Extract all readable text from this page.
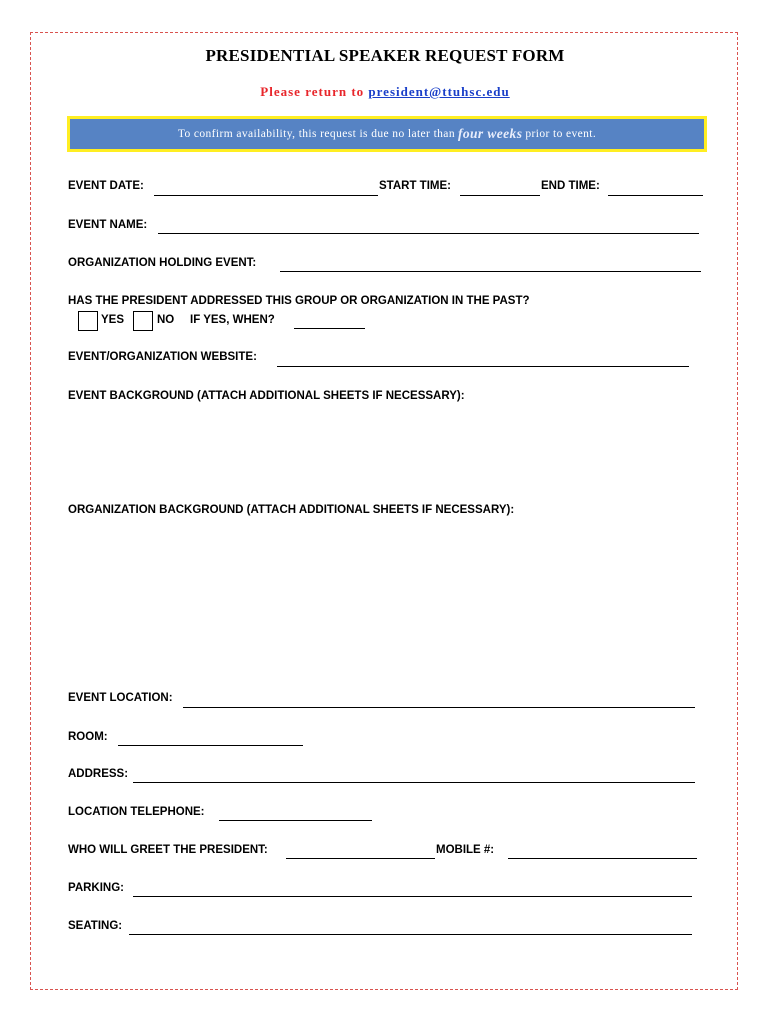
PRESIDENTIAL SPEAKER REQUEST FORM
Please return to president@ttuhsc.edu
To confirm availability, this request is due no later than four weeks prior to event.
EVENT DATE:	START TIME:	END TIME:
EVENT NAME:
ORGANIZATION HOLDING EVENT:
HAS THE PRESIDENT ADDRESSED THIS GROUP OR ORGANIZATION IN THE PAST?
YES	NO IF YES, WHEN?
EVENT/ORGANIZATION WEBSITE:
EVENT BACKGROUND (ATTACH ADDITIONAL SHEETS IF NECESSARY):
ORGANIZATION BACKGROUND (ATTACH ADDITIONAL SHEETS IF NECESSARY):
EVENT LOCATION:
ROOM:
ADDRESS:
LOCATION TELEPHONE:
WHO WILL GREET THE PRESIDENT:	MOBILE #:
PARKING:
SEATING:
